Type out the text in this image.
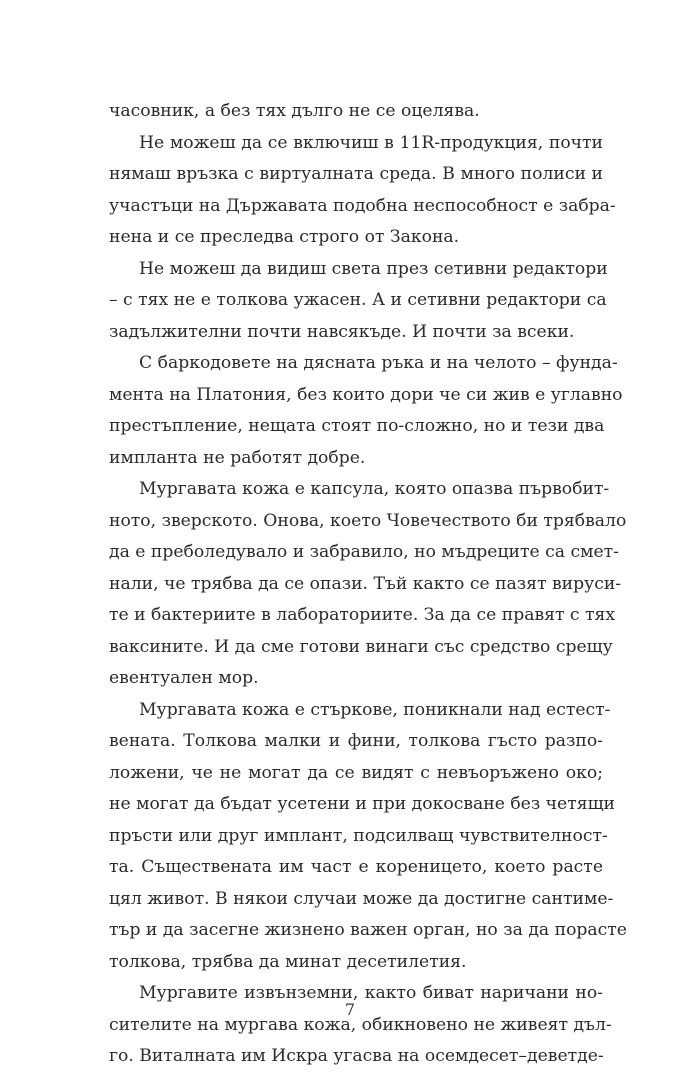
часовник, а без тях дълго не се оцелява.
Не можеш да се включиш в 11R-продукция, почти
нямаш връзка с виртуалната среда. В много полиси и
участъци на Държавата подобна неспособност е забра-
нена и се преследва строго от Закона.
Не можеш да видиш света през сетивни редактори
– с тях не е толкова ужасен. А и сетивни редактори са
задължителни почти навсякъде. И почти за всеки.
С баркодовете на дясната ръка и на челото – фунда-
мента на Платония, без които дори че си жив е углавно
престъпление, нещата стоят по-сложно, но и тези два
импланта не работят добре.
Мургавата кожа е капсула, която опазва първобит-
ното, зверското. Онова, което Човечеството би трябвало
да е преболедувало и забравило, но мъдреците са смет-
нали, че трябва да се опази. Тъй както се пазят вируси-
те и бактериите в лабораториите. За да се правят с тях
ваксините. И да сме готови винаги със средство срещу
евентуален мор.
Мургавата кожа е стъркове, поникнали над естест-
вената. Толкова малки и фини, толкова гъсто разпо-
ложени, че не могат да се видят с невъоръжено око;
не могат да бъдат усетени и при докосване без четящи
пръсти или друг имплант, подсилващ чувствителност-
та. Съществената им част е кореницето, което расте
цял живот. В някои случаи може да достигне сантиме-
тър и да засегне жизнено важен орган, но за да порасте
толкова, трябва да минат десетилетия.
Мургавите извънземни, както биват наричани но-
сителите на мургава кожа, обикновено не живеят дъл-
го. Виталната им Искра угасва на осемдесет–деветде-
7
